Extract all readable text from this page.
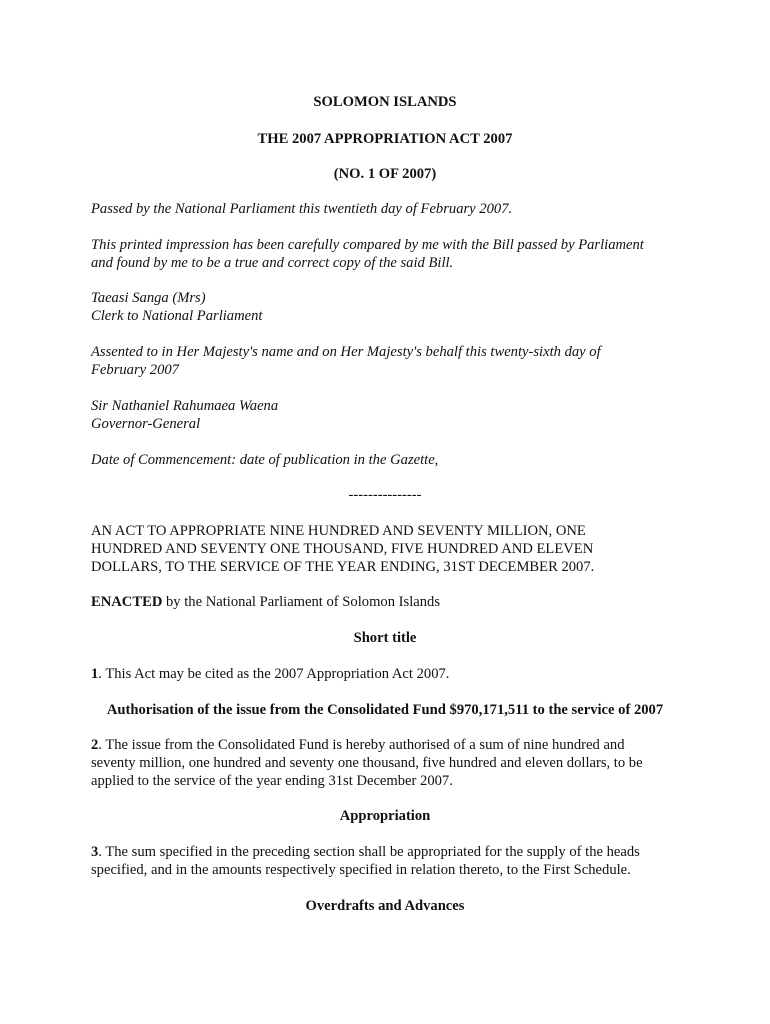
SOLOMON ISLANDS
THE 2007 APPROPRIATION ACT 2007
(NO. 1 OF 2007)
Passed by the National Parliament this twentieth day of February 2007.
This printed impression has been carefully compared by me with the Bill passed by Parliament
and found by me to be a true and correct copy of the said Bill.
Taeasi Sanga (Mrs)
Clerk to National Parliament
Assented to in Her Majesty's name and on Her Majesty's behalf this twenty-sixth day of
February 2007
Sir Nathaniel Rahumaea Waena
Governor-General
Date of Commencement: date of publication in the Gazette,
---------------
AN ACT TO APPROPRIATE NINE HUNDRED AND SEVENTY MILLION, ONE
HUNDRED AND SEVENTY ONE THOUSAND, FIVE HUNDRED AND ELEVEN
DOLLARS, TO THE SERVICE OF THE YEAR ENDING, 31ST DECEMBER 2007.
ENACTED by the National Parliament of Solomon Islands
Short title
1. This Act may be cited as the 2007 Appropriation Act 2007.
Authorisation of the issue from the Consolidated Fund $970,171,511 to the service of 2007
2. The issue from the Consolidated Fund is hereby authorised of a sum of nine hundred and
seventy million, one hundred and seventy one thousand, five hundred and eleven dollars, to be
applied to the service of the year ending 31st December 2007.
Appropriation
3. The sum specified in the preceding section shall be appropriated for the supply of the heads
specified, and in the amounts respectively specified in relation thereto, to the First Schedule.
Overdrafts and Advances
